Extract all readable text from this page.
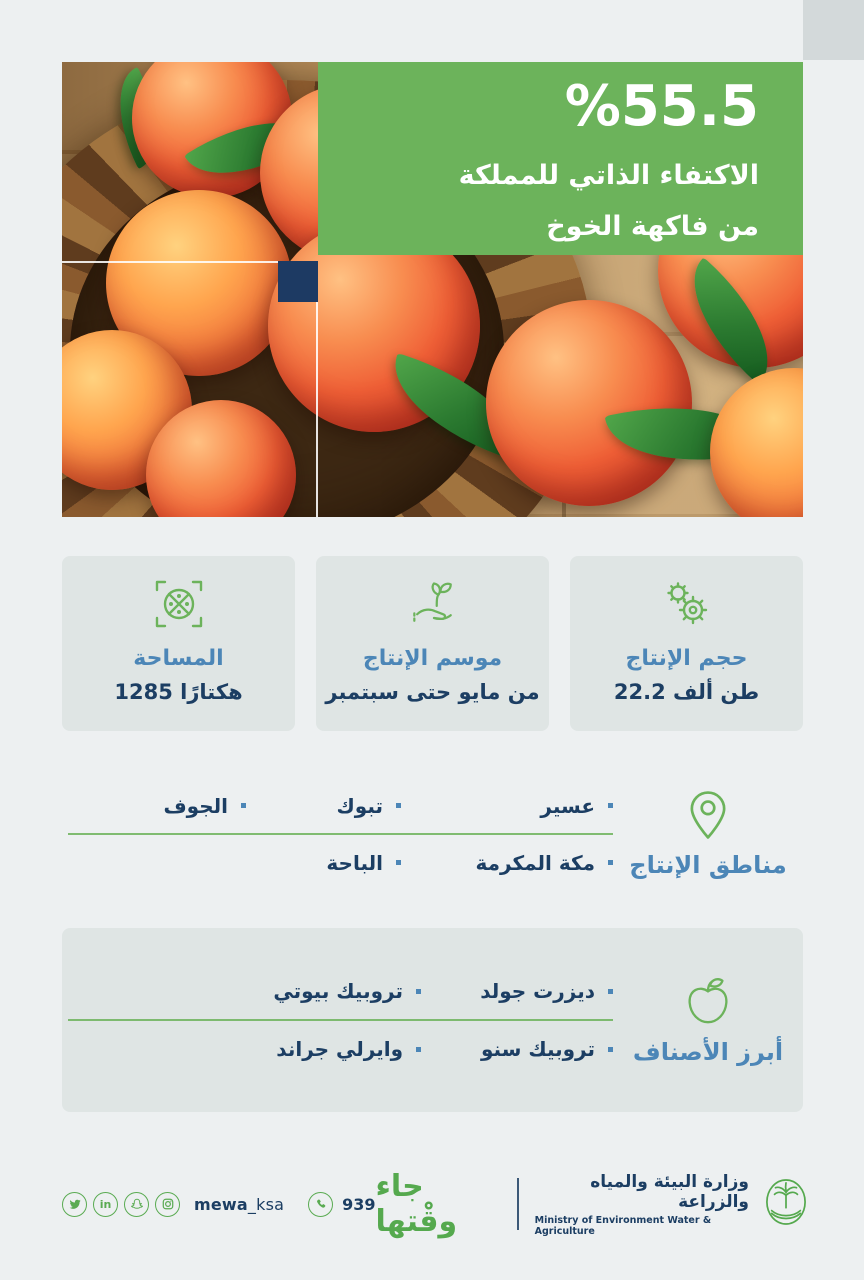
%55.5
الاكتفاء الذاتي للمملكة
من فاكهة الخوخ
حجم الإنتاج
22.2 ألف‎ طن
موسم الإنتاج
من مايو حتى سبتمبر
المساحة
1285 هكتارًا
مناطق الإنتاج
عسير
تبوك
الجوف
مكة المكرمة
الباحة
أبرز الأصناف
ديزرت جولد
تروبيك بيوتي
تروبيك سنو
وايرلي جراند
in	mewa_ksa	939 جاء وقْتها
وزارة البيئة والمياه والزراعة
Ministry of Environment Water & Agriculture
